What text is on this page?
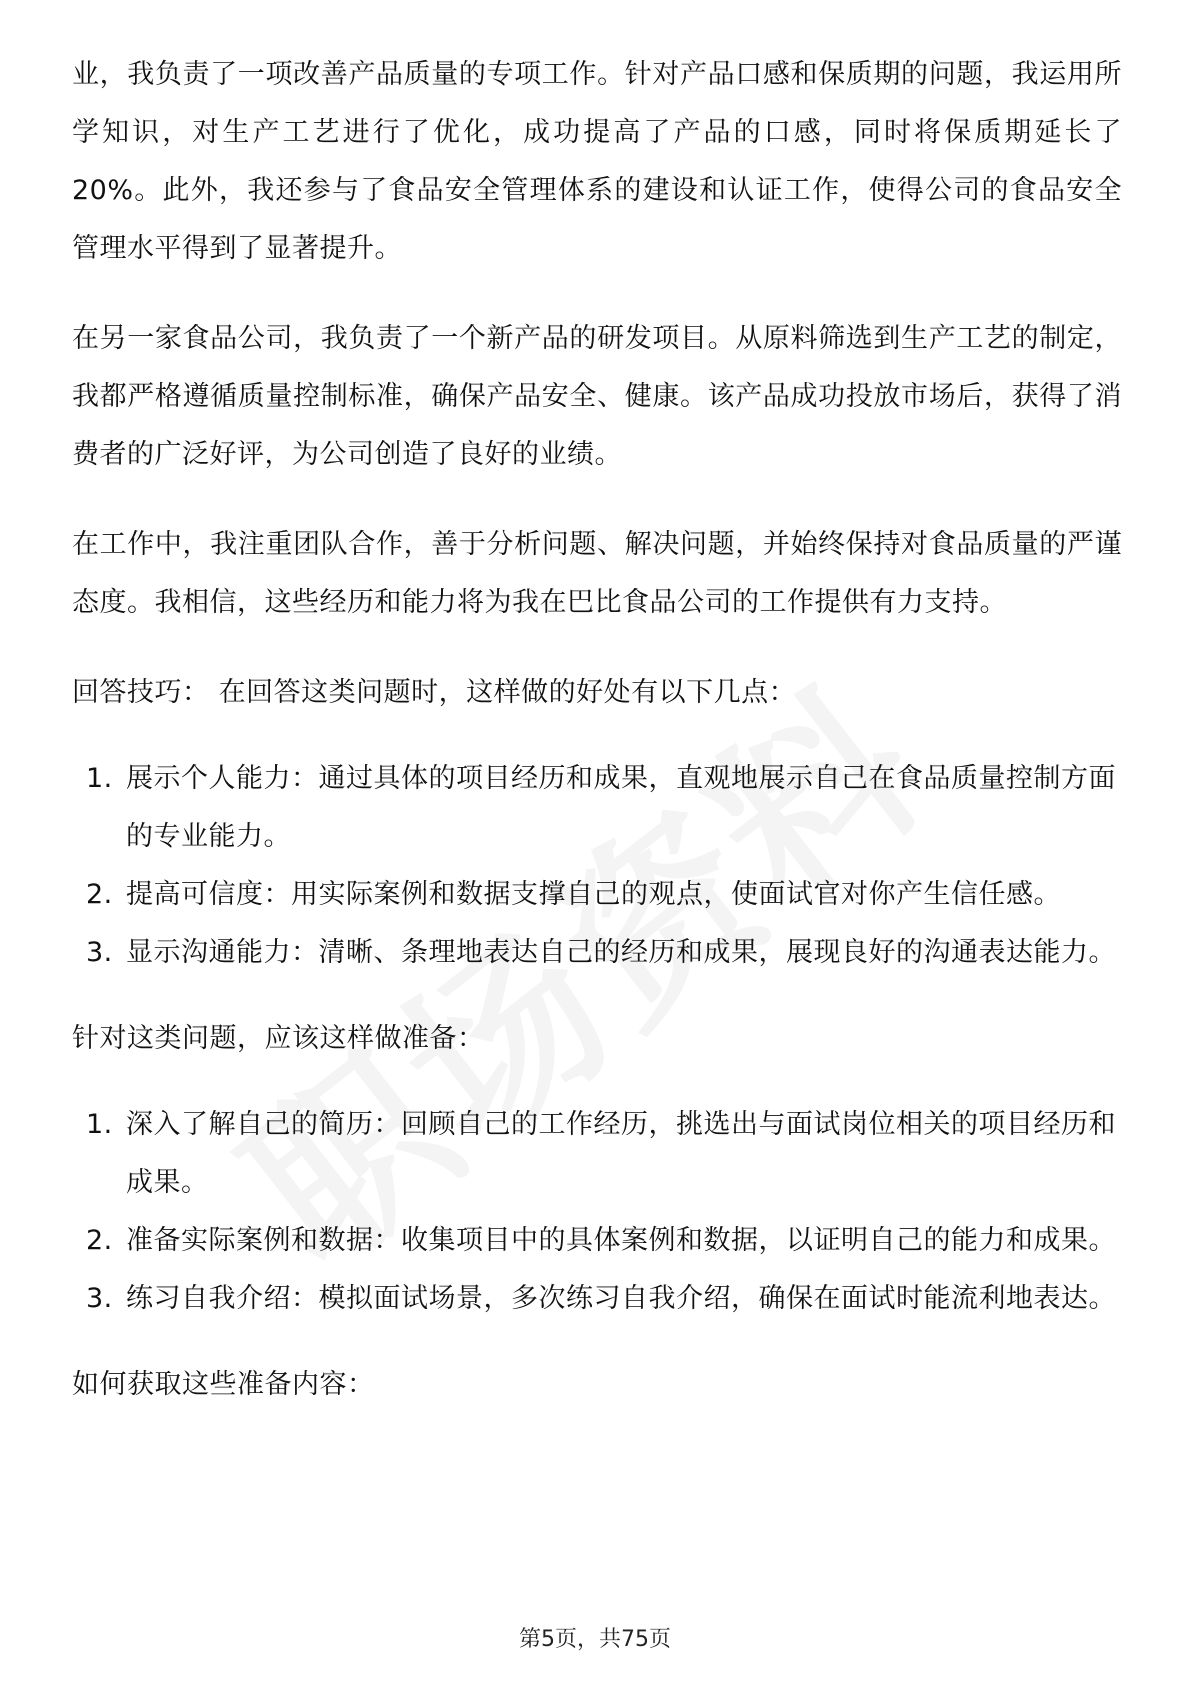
业，我负责了一项改善产品质量的专项工作。针对产品口感和保质期的问题，我运用所学知识，对生产工艺进行了优化，成功提高了产品的口感，同时将保质期延长了20%。此外，我还参与了食品安全管理体系的建设和认证工作，使得公司的食品安全管理水平得到了显著提升。

在另一家食品公司，我负责了一个新产品的研发项目。从原料筛选到生产工艺的制定，我都严格遵循质量控制标准，确保产品安全、健康。该产品成功投放市场后，获得了消费者的广泛好评，为公司创造了良好的业绩。

在工作中，我注重团队合作，善于分析问题、解决问题，并始终保持对食品质量的严谨态度。我相信，这些经历和能力将为我在巴比食品公司的工作提供有力支持。

回答技巧： 在回答这类问题时，这样做的好处有以下几点：

1. 展示个人能力：通过具体的项目经历和成果，直观地展示自己在食品质量控制方面的专业能力。
2. 提高可信度：用实际案例和数据支撑自己的观点，使面试官对你产生信任感。
3. 显示沟通能力：清晰、条理地表达自己的经历和成果，展现良好的沟通表达能力。

针对这类问题，应该这样做准备：

1. 深入了解自己的简历：回顾自己的工作经历，挑选出与面试岗位相关的项目经历和成果。
2. 准备实际案例和数据：收集项目中的具体案例和数据，以证明自己的能力和成果。
3. 练习自我介绍：模拟面试场景，多次练习自我介绍，确保在面试时能流利地表达。

如何获取这些准备内容：

第5页，共75页
